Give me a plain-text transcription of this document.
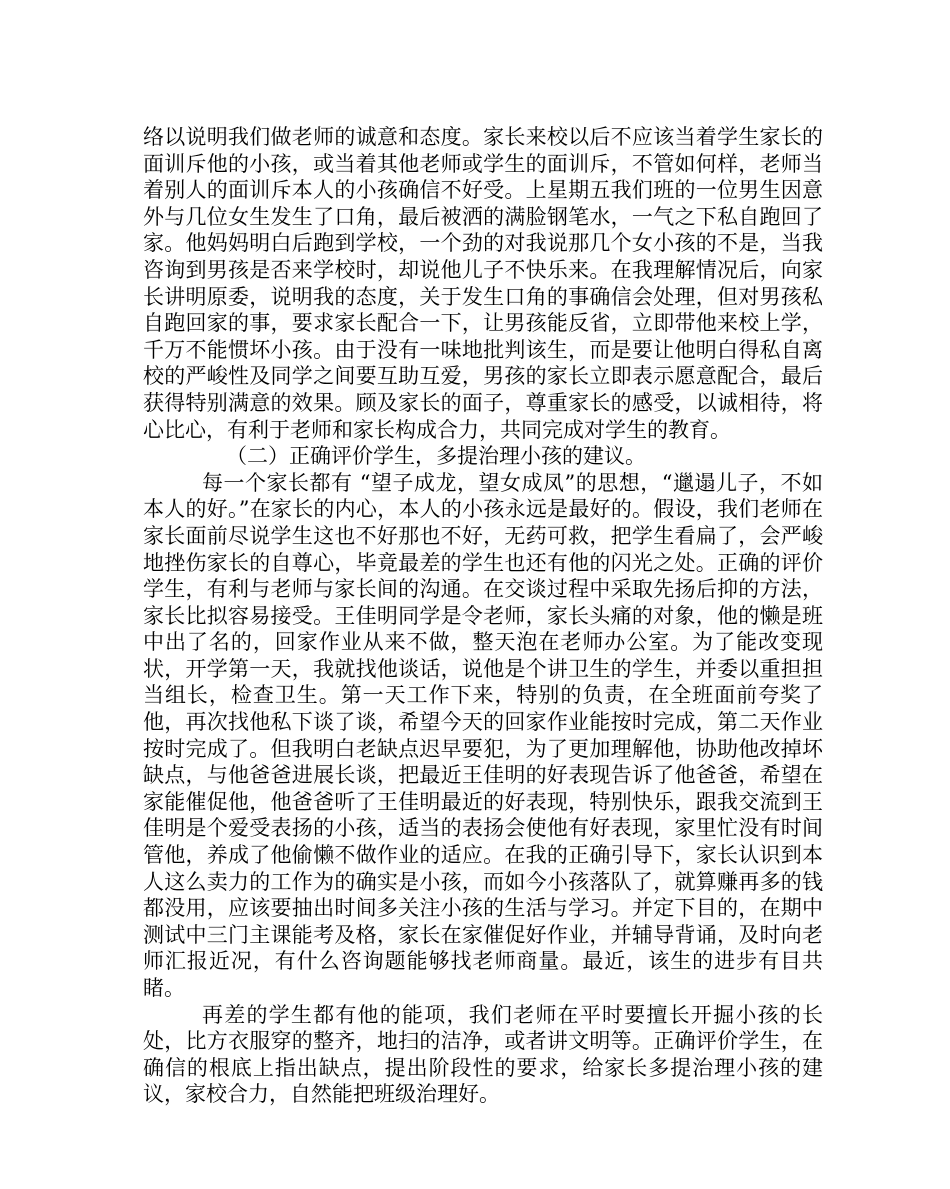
络以说明我们做老师的诚意和态度。家长来校以后不应该当着学生家长的面训斥他的小孩，或当着其他老师或学生的面训斥，不管如何样，老师当着别人的面训斥本人的小孩确信不好受。上星期五我们班的一位男生因意外与几位女生发生了口角，最后被洒的满脸钢笔水，一气之下私自跑回了家。他妈妈明白后跑到学校，一个劲的对我说那几个女小孩的不是，当我咨询到男孩是否来学校时，却说他儿子不快乐来。在我理解情况后，向家长讲明原委，说明我的态度，关于发生口角的事确信会处理，但对男孩私自跑回家的事，要求家长配合一下，让男孩能反省，立即带他来校上学，千万不能惯坏小孩。由于没有一味地批判该生，而是要让他明白得私自离校的严峻性及同学之间要互助互爱，男孩的家长立即表示愿意配合，最后获得特别满意的效果。顾及家长的面子，尊重家长的感受，以诚相待，将心比心，有利于老师和家长构成合力，共同完成对学生的教育。

（二）正确评价学生，多提治理小孩的建议。

每一个家长都有 “望子成龙，望女成凤”的思想，“邋遢儿子，不如本人的好。”在家长的内心，本人的小孩永远是最好的。假设，我们老师在家长面前尽说学生这也不好那也不好，无药可救，把学生看扁了，会严峻地挫伤家长的自尊心，毕竟最差的学生也还有他的闪光之处。正确的评价学生，有利与老师与家长间的沟通。在交谈过程中采取先扬后抑的方法，家长比拟容易接受。王佳明同学是令老师，家长头痛的对象，他的懒是班中出了名的，回家作业从来不做，整天泡在老师办公室。为了能改变现状，开学第一天，我就找他谈话，说他是个讲卫生的学生，并委以重担担当组长，检查卫生。第一天工作下来，特别的负责，在全班面前夸奖了他，再次找他私下谈了谈，希望今天的回家作业能按时完成，第二天作业按时完成了。但我明白老缺点迟早要犯，为了更加理解他，协助他改掉坏缺点，与他爸爸进展长谈，把最近王佳明的好表现告诉了他爸爸，希望在家能催促他，他爸爸听了王佳明最近的好表现，特别快乐，跟我交流到王佳明是个爱受表扬的小孩，适当的表扬会使他有好表现，家里忙没有时间管他，养成了他偷懒不做作业的适应。在我的正确引导下，家长认识到本人这么卖力的工作为的确实是小孩，而如今小孩落队了，就算赚再多的钱都没用，应该要抽出时间多关注小孩的生活与学习。并定下目的，在期中测试中三门主课能考及格，家长在家催促好作业，并辅导背诵，及时向老师汇报近况，有什么咨询题能够找老师商量。最近，该生的进步有目共睹。

再差的学生都有他的能项，我们老师在平时要擅长开掘小孩的长处，比方衣服穿的整齐，地扫的洁净，或者讲文明等。正确评价学生，在确信的根底上指出缺点，提出阶段性的要求，给家长多提治理小孩的建议，家校合力，自然能把班级治理好。
